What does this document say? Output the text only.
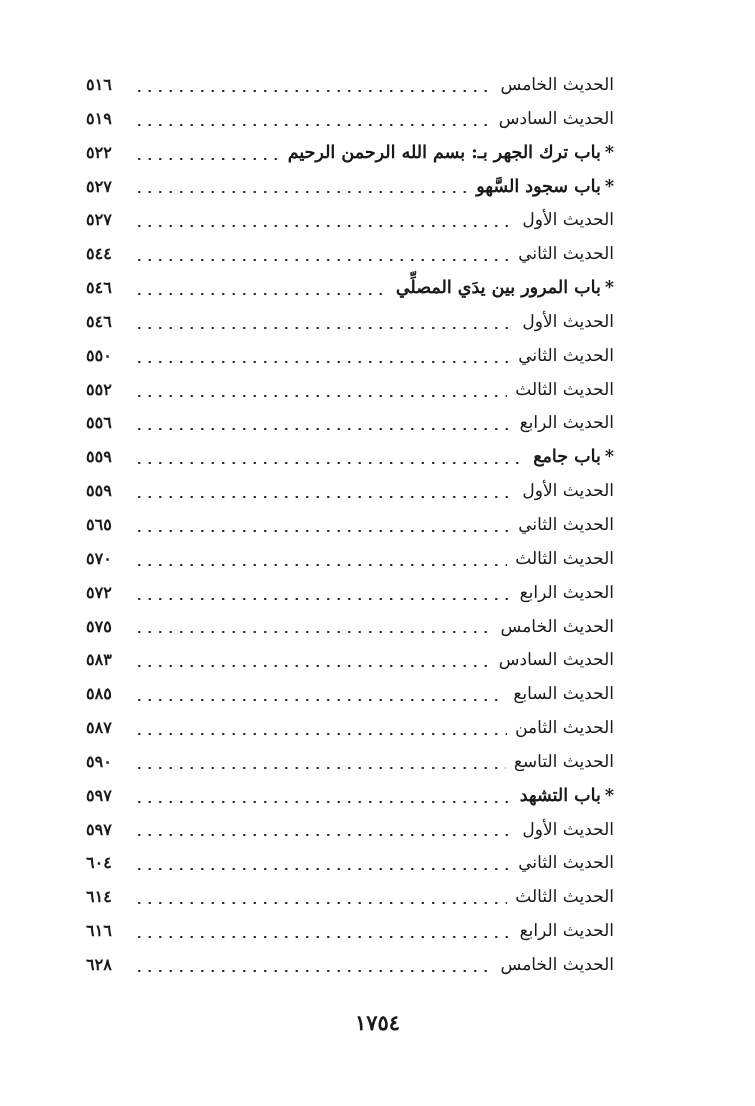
الحديث الخامس
٥١٦
الحديث السادس
٥١٩
*باب ترك الجهر بـ: بسم الله الرحمن الرحيم
٥٢٢
*باب سجود السَّهو
٥٢٧
الحديث الأول
٥٢٧
الحديث الثاني
٥٤٤
*باب المرور بين يدَي المصلِّي
٥٤٦
الحديث الأول
٥٤٦
الحديث الثاني
٥٥٠
الحديث الثالث
٥٥٢
الحديث الرابع
٥٥٦
*باب جامع
٥٥٩
الحديث الأول
٥٥٩
الحديث الثاني
٥٦٥
الحديث الثالث
٥٧٠
الحديث الرابع
٥٧٢
الحديث الخامس
٥٧٥
الحديث السادس
٥٨٣
الحديث السابع
٥٨٥
الحديث الثامن
٥٨٧
الحديث التاسع
٥٩٠
*باب التشهد
٥٩٧
الحديث الأول
٥٩٧
الحديث الثاني
٦٠٤
الحديث الثالث
٦١٤
الحديث الرابع
٦١٦
الحديث الخامس
٦٢٨
١٧٥٤
